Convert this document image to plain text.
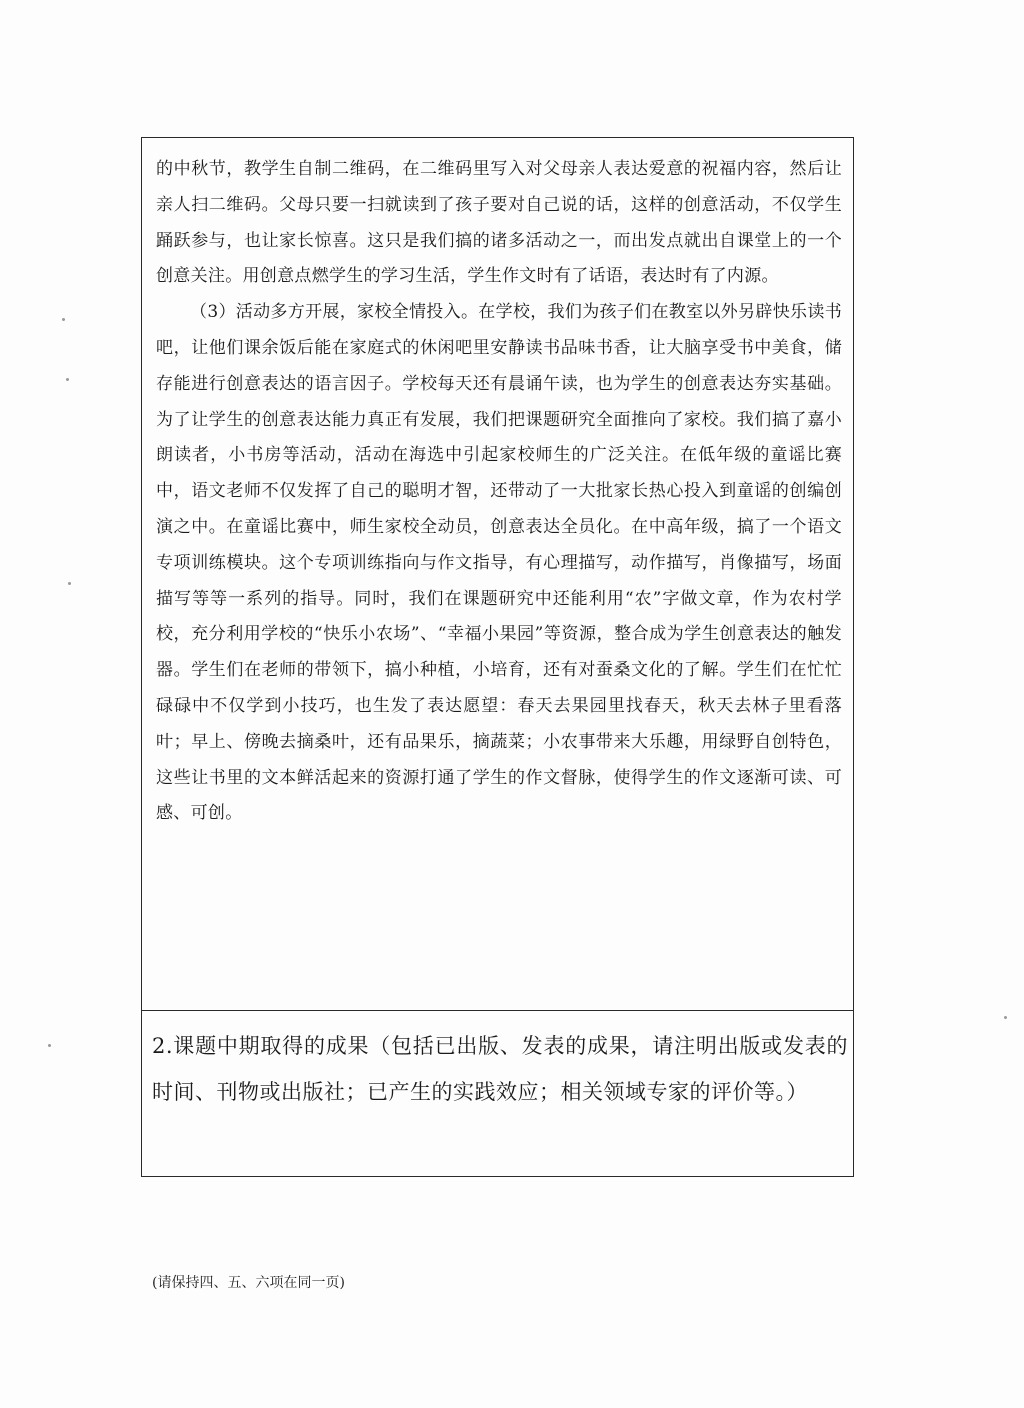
的中秋节，教学生自制二维码，在二维码里写入对父母亲人表达爱意的祝福内容，然后让亲人扫二维码。父母只要一扫就读到了孩子要对自己说的话，这样的创意活动，不仅学生踊跃参与，也让家长惊喜。这只是我们搞的诸多活动之一，而出发点就出自课堂上的一个创意关注。用创意点燃学生的学习生活，学生作文时有了话语，表达时有了内源。

（3）活动多方开展，家校全情投入。在学校，我们为孩子们在教室以外另辟快乐读书吧，让他们课余饭后能在家庭式的休闲吧里安静读书品味书香，让大脑享受书中美食，储存能进行创意表达的语言因子。学校每天还有晨诵午读，也为学生的创意表达夯实基础。为了让学生的创意表达能力真正有发展，我们把课题研究全面推向了家校。我们搞了嘉小朗读者，小书房等活动，活动在海选中引起家校师生的广泛关注。在低年级的童谣比赛中，语文老师不仅发挥了自己的聪明才智，还带动了一大批家长热心投入到童谣的创编创演之中。在童谣比赛中，师生家校全动员，创意表达全员化。在中高年级，搞了一个语文专项训练模块。这个专项训练指向与作文指导，有心理描写，动作描写，肖像描写，场面描写等等一系列的指导。同时，我们在课题研究中还能利用“农”字做文章，作为农村学校，充分利用学校的“快乐小农场”、“幸福小果园”等资源，整合成为学生创意表达的触发器。学生们在老师的带领下，搞小种植，小培育，还有对蚕桑文化的了解。学生们在忙忙碌碌中不仅学到小技巧，也生发了表达愿望：春天去果园里找春天，秋天去林子里看落叶；早上、傍晚去摘桑叶，还有品果乐，摘蔬菜；小农事带来大乐趣，用绿野自创特色，这些让书里的文本鲜活起来的资源打通了学生的作文督脉，使得学生的作文逐渐可读、可感、可创。

2.课题中期取得的成果（包括已出版、发表的成果，请注明出版或发表的时间、刊物或出版社；已产生的实践效应；相关领域专家的评价等。）

(请保持四、五、六项在同一页)
